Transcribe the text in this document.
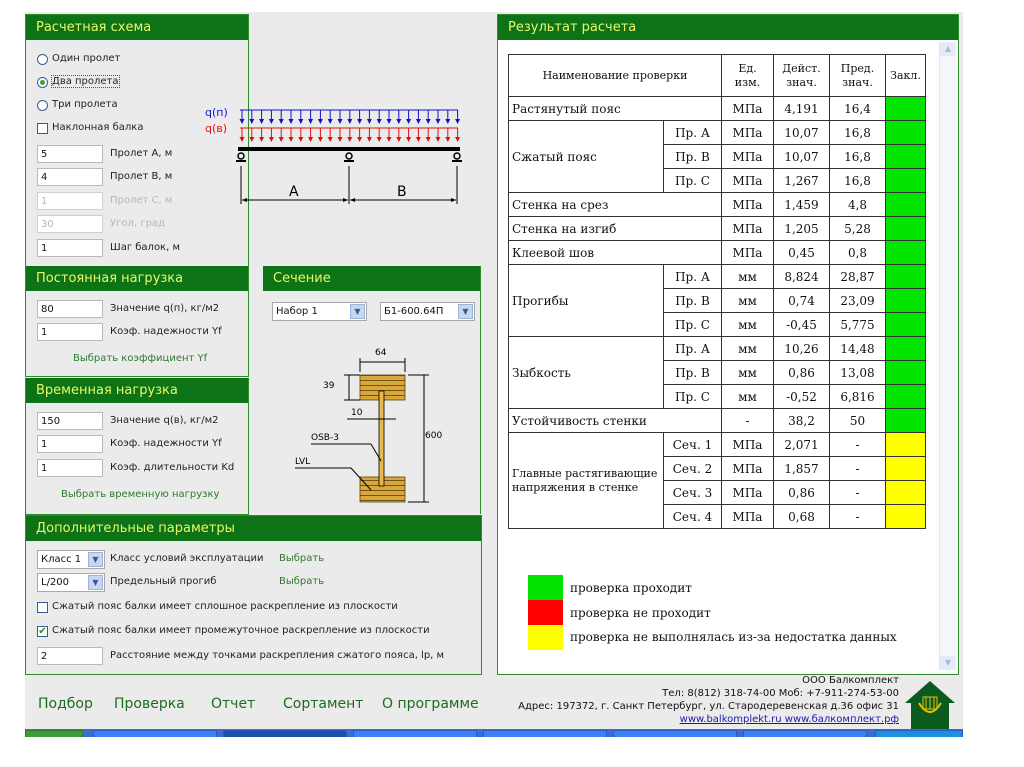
Расчетная схема
Один пролет
Два пролета
Три пролета
Наклонная балка
5	Пролет А, м
4	Пролет В, м
1	Пролет С, м
30	Угол, град
1	Шаг балок, м
q(п)
q(в)
A	B
Постоянная нагрузка
80	Значение q(п), кг/м2
1	Коэф. надежности Yf
Выбрать коэффициент Yf
Временная нагрузка
150	Значение q(в), кг/м2
1	Коэф. надежности Yf
1	Коэф. длительности Kd
Выбрать временную нагрузку
Сечение
Набор 1	▼	Б1-600.64П	▼
64
39
10
600
OSB-3
LVL
Дополнительные параметры
Класс 1	▼	Класс условий эксплуатации Выбрать
L/200	▼	Предельный прогиб	Выбрать
Сжатый пояс балки имеет сплошное раскрепление из плоскости
✔ Сжатый пояс балки имеет промежуточное раскрепление из плоскости
2	Расстояние между точками раскрепления сжатого пояса, lp, м
Результат расчета
▲
▼
Наименование проверки		Ед. изм.	Дейст. знач.	Пред. знач.	Закл.
Растянутый пояс		МПа	4,191	16,4	
Сжатый пояс	Пр. А	МПа	10,07	16,8	
	Пр. В	МПа	10,07	16,8	
	Пр. С	МПа	1,267	16,8	
Стенка на срез		МПа	1,459	4,8	
Стенка на изгиб		МПа	1,205	5,28	
Клеевой шов		МПа	0,45	0,8	
Прогибы	Пр. А	мм	8,824	28,87	
	Пр. В	мм	0,74	23,09	
	Пр. С	мм	-0,45	5,775	
Зыбкость	Пр. А	мм	10,26	14,48	
	Пр. В	мм	0,86	13,08	
	Пр. С	мм	-0,52	6,816	
Устойчивость стенки		-	38,2	50	
Главные растягивающие напряжения в стенке	Сеч. 1	МПа	2,071	-	
	Сеч. 2	МПа	1,857	-	
	Сеч. 3	МПа	0,86	-	
	Сеч. 4	МПа	0,68	-	
проверка проходит
проверка не проходит
проверка не выполнялась из-за недостатка данных
Подбор Проверка Отчет Сортамент О программе
ООО Балкомплект
Тел: 8(812) 318-74-00 Моб: +7-911-274-53-00
Адрес: 197372, г. Санкт Петербург, ул. Стародеревенская д.36 офис 31
www.balkomplekt.ru www.балкомплект.рф
